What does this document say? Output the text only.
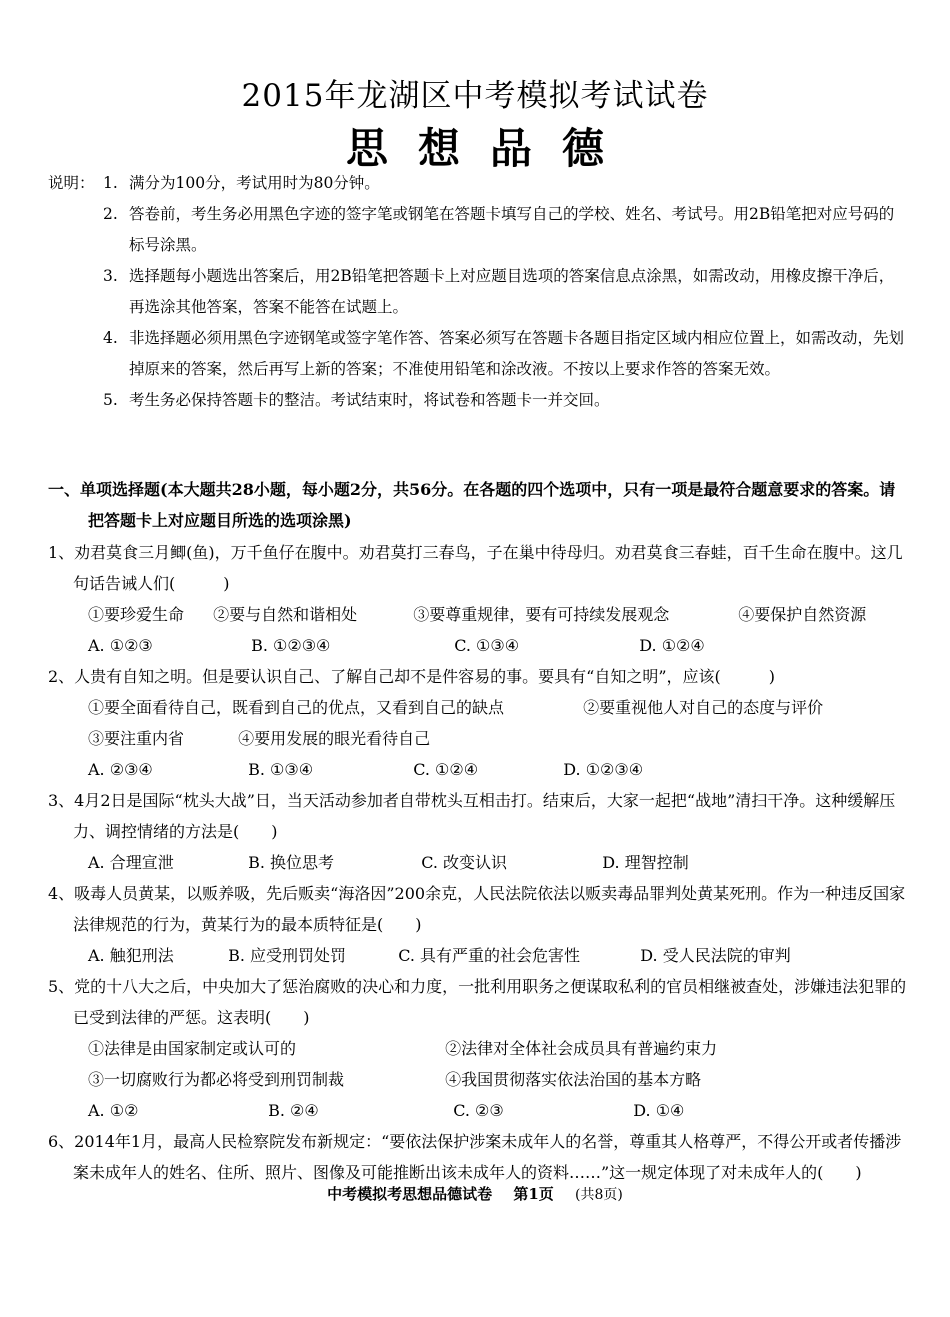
2015年龙湖区中考模拟考试试卷
思想品德
说明： 1. 满分为100分，考试用时为80分钟。
2. 答卷前，考生务必用黑色字迹的签字笔或钢笔在答题卡填写自己的学校、姓名、考试号。用2B铅笔把对应号码的标号涂黑。
3. 选择题每小题选出答案后，用2B铅笔把答题卡上对应题目选项的答案信息点涂黑，如需改动，用橡皮擦干净后，再选涂其他答案，答案不能答在试题上。
4. 非选择题必须用黑色字迹钢笔或签字笔作答、答案必须写在答题卡各题目指定区域内相应位置上，如需改动，先划掉原来的答案，然后再写上新的答案；不准使用铅笔和涂改液。不按以上要求作答的答案无效。
5. 考生务必保持答题卡的整洁。考试结束时，将试卷和答题卡一并交回。
一、单项选择题(本大题共28小题，每小题2分，共56分。在各题的四个选项中，只有一项是最符合题意要求的答案。请把答题卡上对应题目所选的选项涂黑)
1、劝君莫食三月鲫(鱼)，万千鱼仔在腹中。劝君莫打三春鸟，子在巢中待母归。劝君莫食三春蛙，百千生命在腹中。这几句话告诫人们(　　　)
①要珍爱生命 ②要与自然和谐相处	③要尊重规律，要有可持续发展观念	④要保护自然资源
A. ①②③	B. ①②③④	C. ①③④	D. ①②④
2、人贵有自知之明。但是要认识自己、了解自己却不是件容易的事。要具有“自知之明”，应该(　　　)
①要全面看待自己，既看到自己的优点，又看到自己的缺点	②要重视他人对自己的态度与评价
③要注重内省	④要用发展的眼光看待自己
A. ②③④	B. ①③④	C. ①②④	D. ①②③④
3、4月2日是国际“枕头大战”日，当天活动参加者自带枕头互相击打。结束后，大家一起把“战地”清扫干净。这种缓解压力、调控情绪的方法是(　　)
A. 合理宣泄	B. 换位思考	C. 改变认识	D. 理智控制
4、吸毒人员黄某，以贩养吸，先后贩卖“海洛因”200余克，人民法院依法以贩卖毒品罪判处黄某死刑。作为一种违反国家法律规范的行为，黄某行为的最本质特征是(　　)
A. 触犯刑法	B. 应受刑罚处罚	C. 具有严重的社会危害性	D. 受人民法院的审判
5、党的十八大之后，中央加大了惩治腐败的决心和力度，一批利用职务之便谋取私利的官员相继被查处，涉嫌违法犯罪的已受到法律的严惩。这表明(　　)
①法律是由国家制定或认可的	②法律对全体社会成员具有普遍约束力
③一切腐败行为都必将受到刑罚制裁	④我国贯彻落实依法治国的基本方略
A. ①②	B. ②④	C. ②③	D. ①④
6、2014年1月，最高人民检察院发布新规定：“要依法保护涉案未成年人的名誉，尊重其人格尊严，不得公开或者传播涉案未成年人的姓名、住所、照片、图像及可能推断出该未成年人的资料……”这一规定体现了对未成年人的(　　)
中考模拟考思想品德试卷 第1页 (共8页)
